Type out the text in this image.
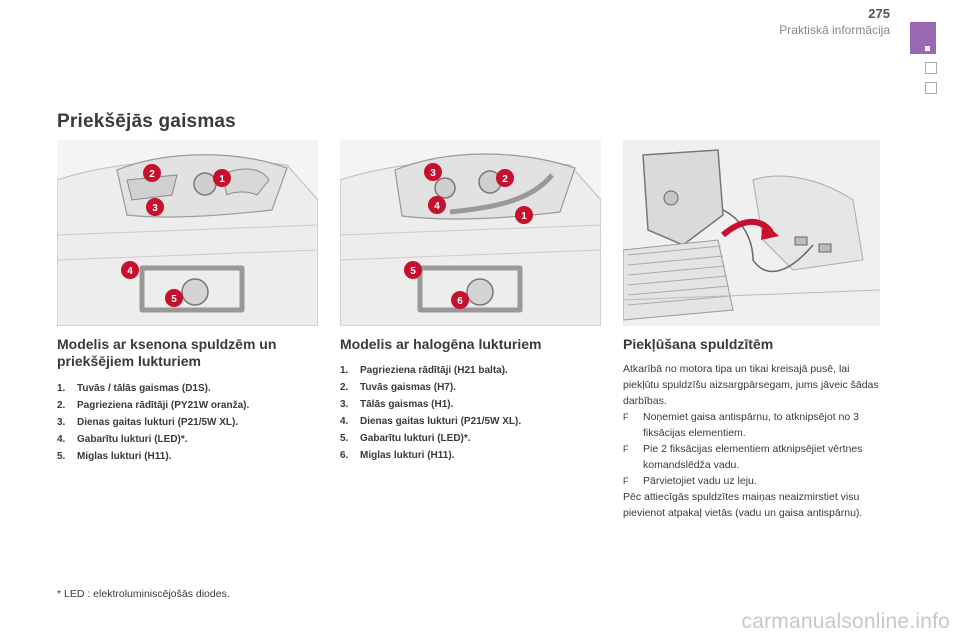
275
Praktiskā informācija
Priekšējās gaismas
2	1
3
4
5
3
2
4
1
5
6
Modelis ar ksenona spuldzēm un priekšējiem lukturiem
1.	Tuvās / tālās gaismas (D1S).
2.	Pagrieziena rādītāji (PY21W oranža).
3.	Dienas gaitas lukturi (P21/5W XL).
4.	Gabarītu lukturi (LED)*.
5.	Miglas lukturi (H11).
Modelis ar halogēna lukturiem
1.	Pagrieziena rādītāji (H21 balta).
2.	Tuvās gaismas (H7).
3.	Tālās gaismas (H1).
4.	Dienas gaitas lukturi (P21/5W XL).
5.	Gabarītu lukturi (LED)*.
6.	Miglas lukturi (H11).
Piekļūšana spuldzītēm
Atkarībā no motora tipa un tikai kreisajā pusē, lai piekļūtu spuldzīšu aizsargpārsegam, jums jāveic šādas darbības.
F	Noņemiet gaisa antispārnu, to atknipsējot no 3 fiksācijas elementiem.
F	Pie 2 fiksācijas elementiem atknipsējiet vērtnes komandslēdža vadu.
F	Pārvietojiet vadu uz leju.
Pēc attiecīgās spuldzītes maiņas neaizmirstiet visu pievienot atpakaļ vietās (vadu un gaisa antispārnu).
* LED : elektroluminiscējošās diodes.
carmanualsonline.info
